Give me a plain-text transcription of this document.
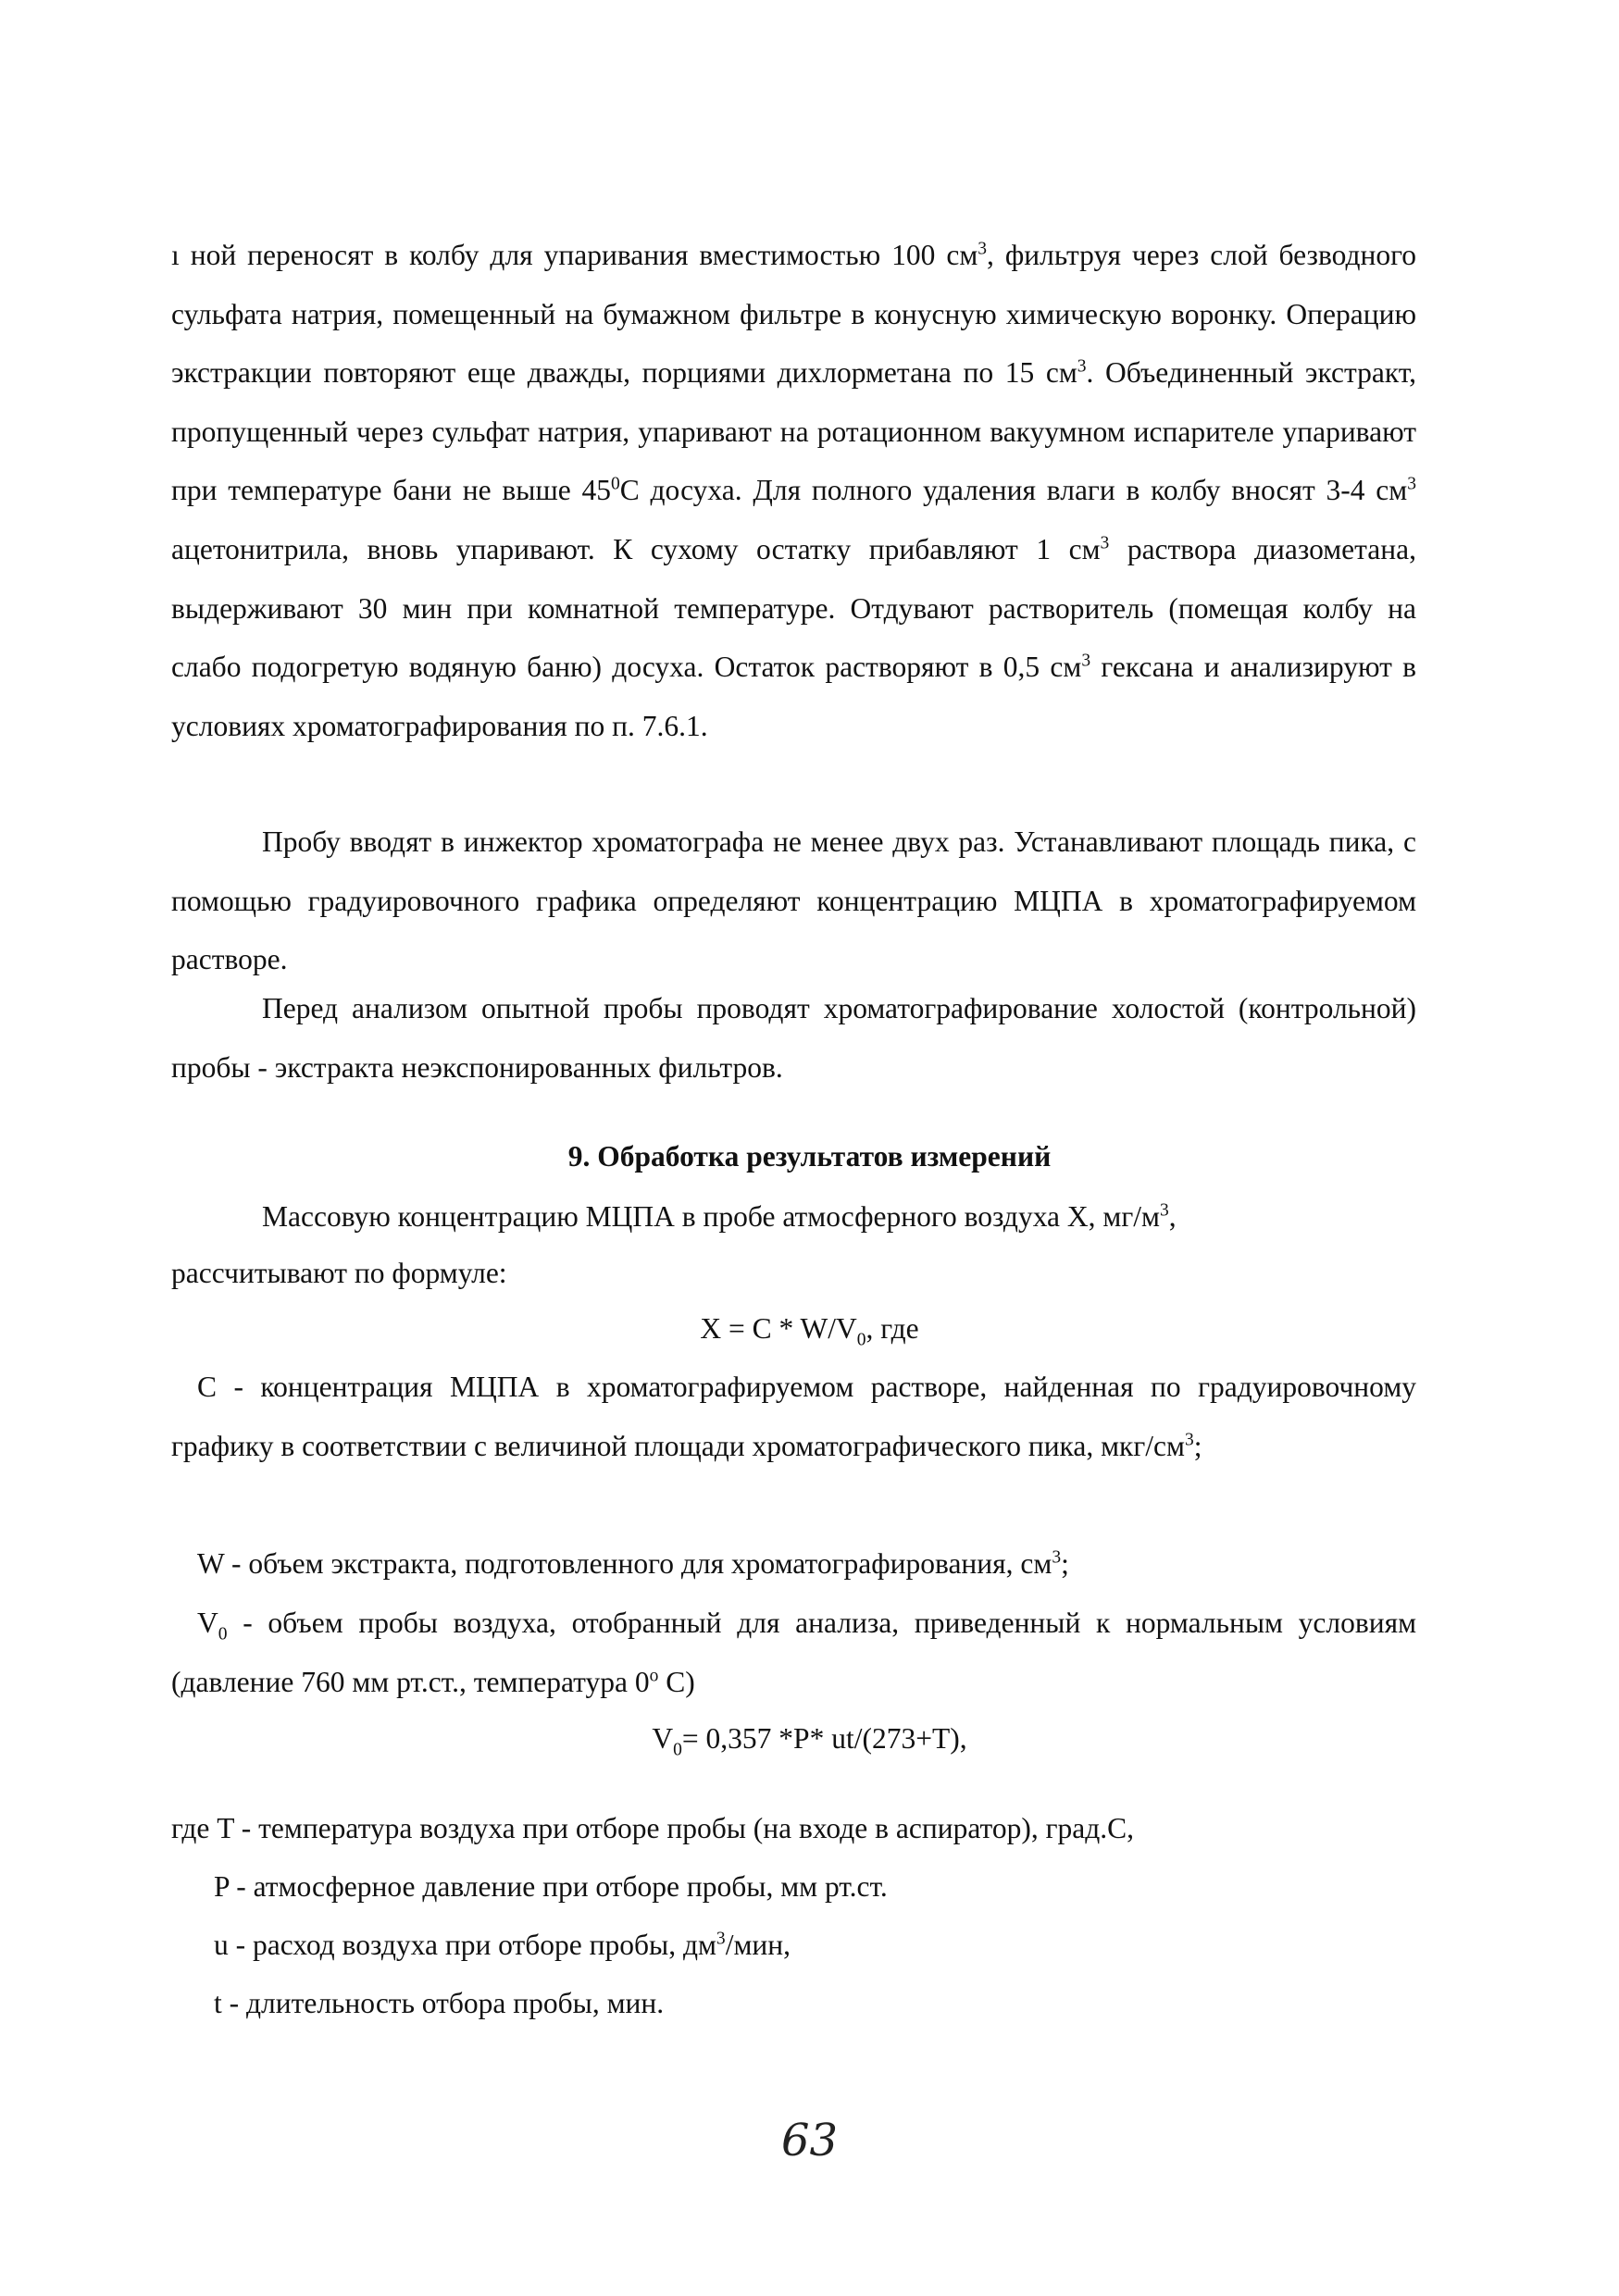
ı ной переносят в колбу для упаривания вместимостью 100 $см^3$, фильтруя через слой безводного сульфата натрия, помещенный на бумажном фильтре в конусную химическую воронку. Операцию экстракции повторяют еще дважды, порциями дихлорметана по 15 $см^3$. Объединенный экстракт, пропущенный через сульфат натрия, упаривают на ротационном вакуумном испарителе упаривают при температуре бани не выше $45^0С$ досуха. Для полного удаления влаги в колбу вносят 3-4 $см^3$ ацетонитрила, вновь упаривают. К сухому остатку прибавляют 1 $см^3$ раствора диазометана, выдерживают 30 мин при комнатной температуре. Отдувают растворитель (помещая колбу на слабо подогретую водяную баню) досуха. Остаток растворяют в 0,5 $см^3$ гексана и анализируют в условиях хроматографирования по п. 7.6.1.

Пробу вводят в инжектор хроматографа не менее двух раз. Устанавливают площадь пика, с помощью градуировочного графика определяют концентрацию МЦПА в хроматографируемом растворе.

Перед анализом опытной пробы проводят хроматографирование холостой (контрольной) пробы - экстракта неэкспонированных фильтров.

9. Обработка результатов измерений
Массовую концентрацию МЦПА в пробе атмосферного воздуха X, $мг/м^3$,
рассчитывают по формуле:
$X = C * W/V_0$, где

C - концентрация МЦПА в хроматографируемом растворе, найденная по градуировочному графику в соответствии с величиной площади хроматографического пика, мкг/$см^3$;

W - объем экстракта, подготовленного для хроматографирования, $см^3$;

$V_0$ - объем пробы воздуха, отобранный для анализа, приведенный к нормальным условиям (давление 760 мм рт.ст., температура 0$^o$ С)

$V_0= 0,357$ *P* ut/(273+T),
где T - температура воздуха при отборе пробы (на входе в аспиратор), град.С,
P - атмосферное давление при отборе пробы, мм рт.ст.
u - расход воздуха при отборе пробы, $дм^3$/мин,
t - длительность отбора пробы, мин.
63
